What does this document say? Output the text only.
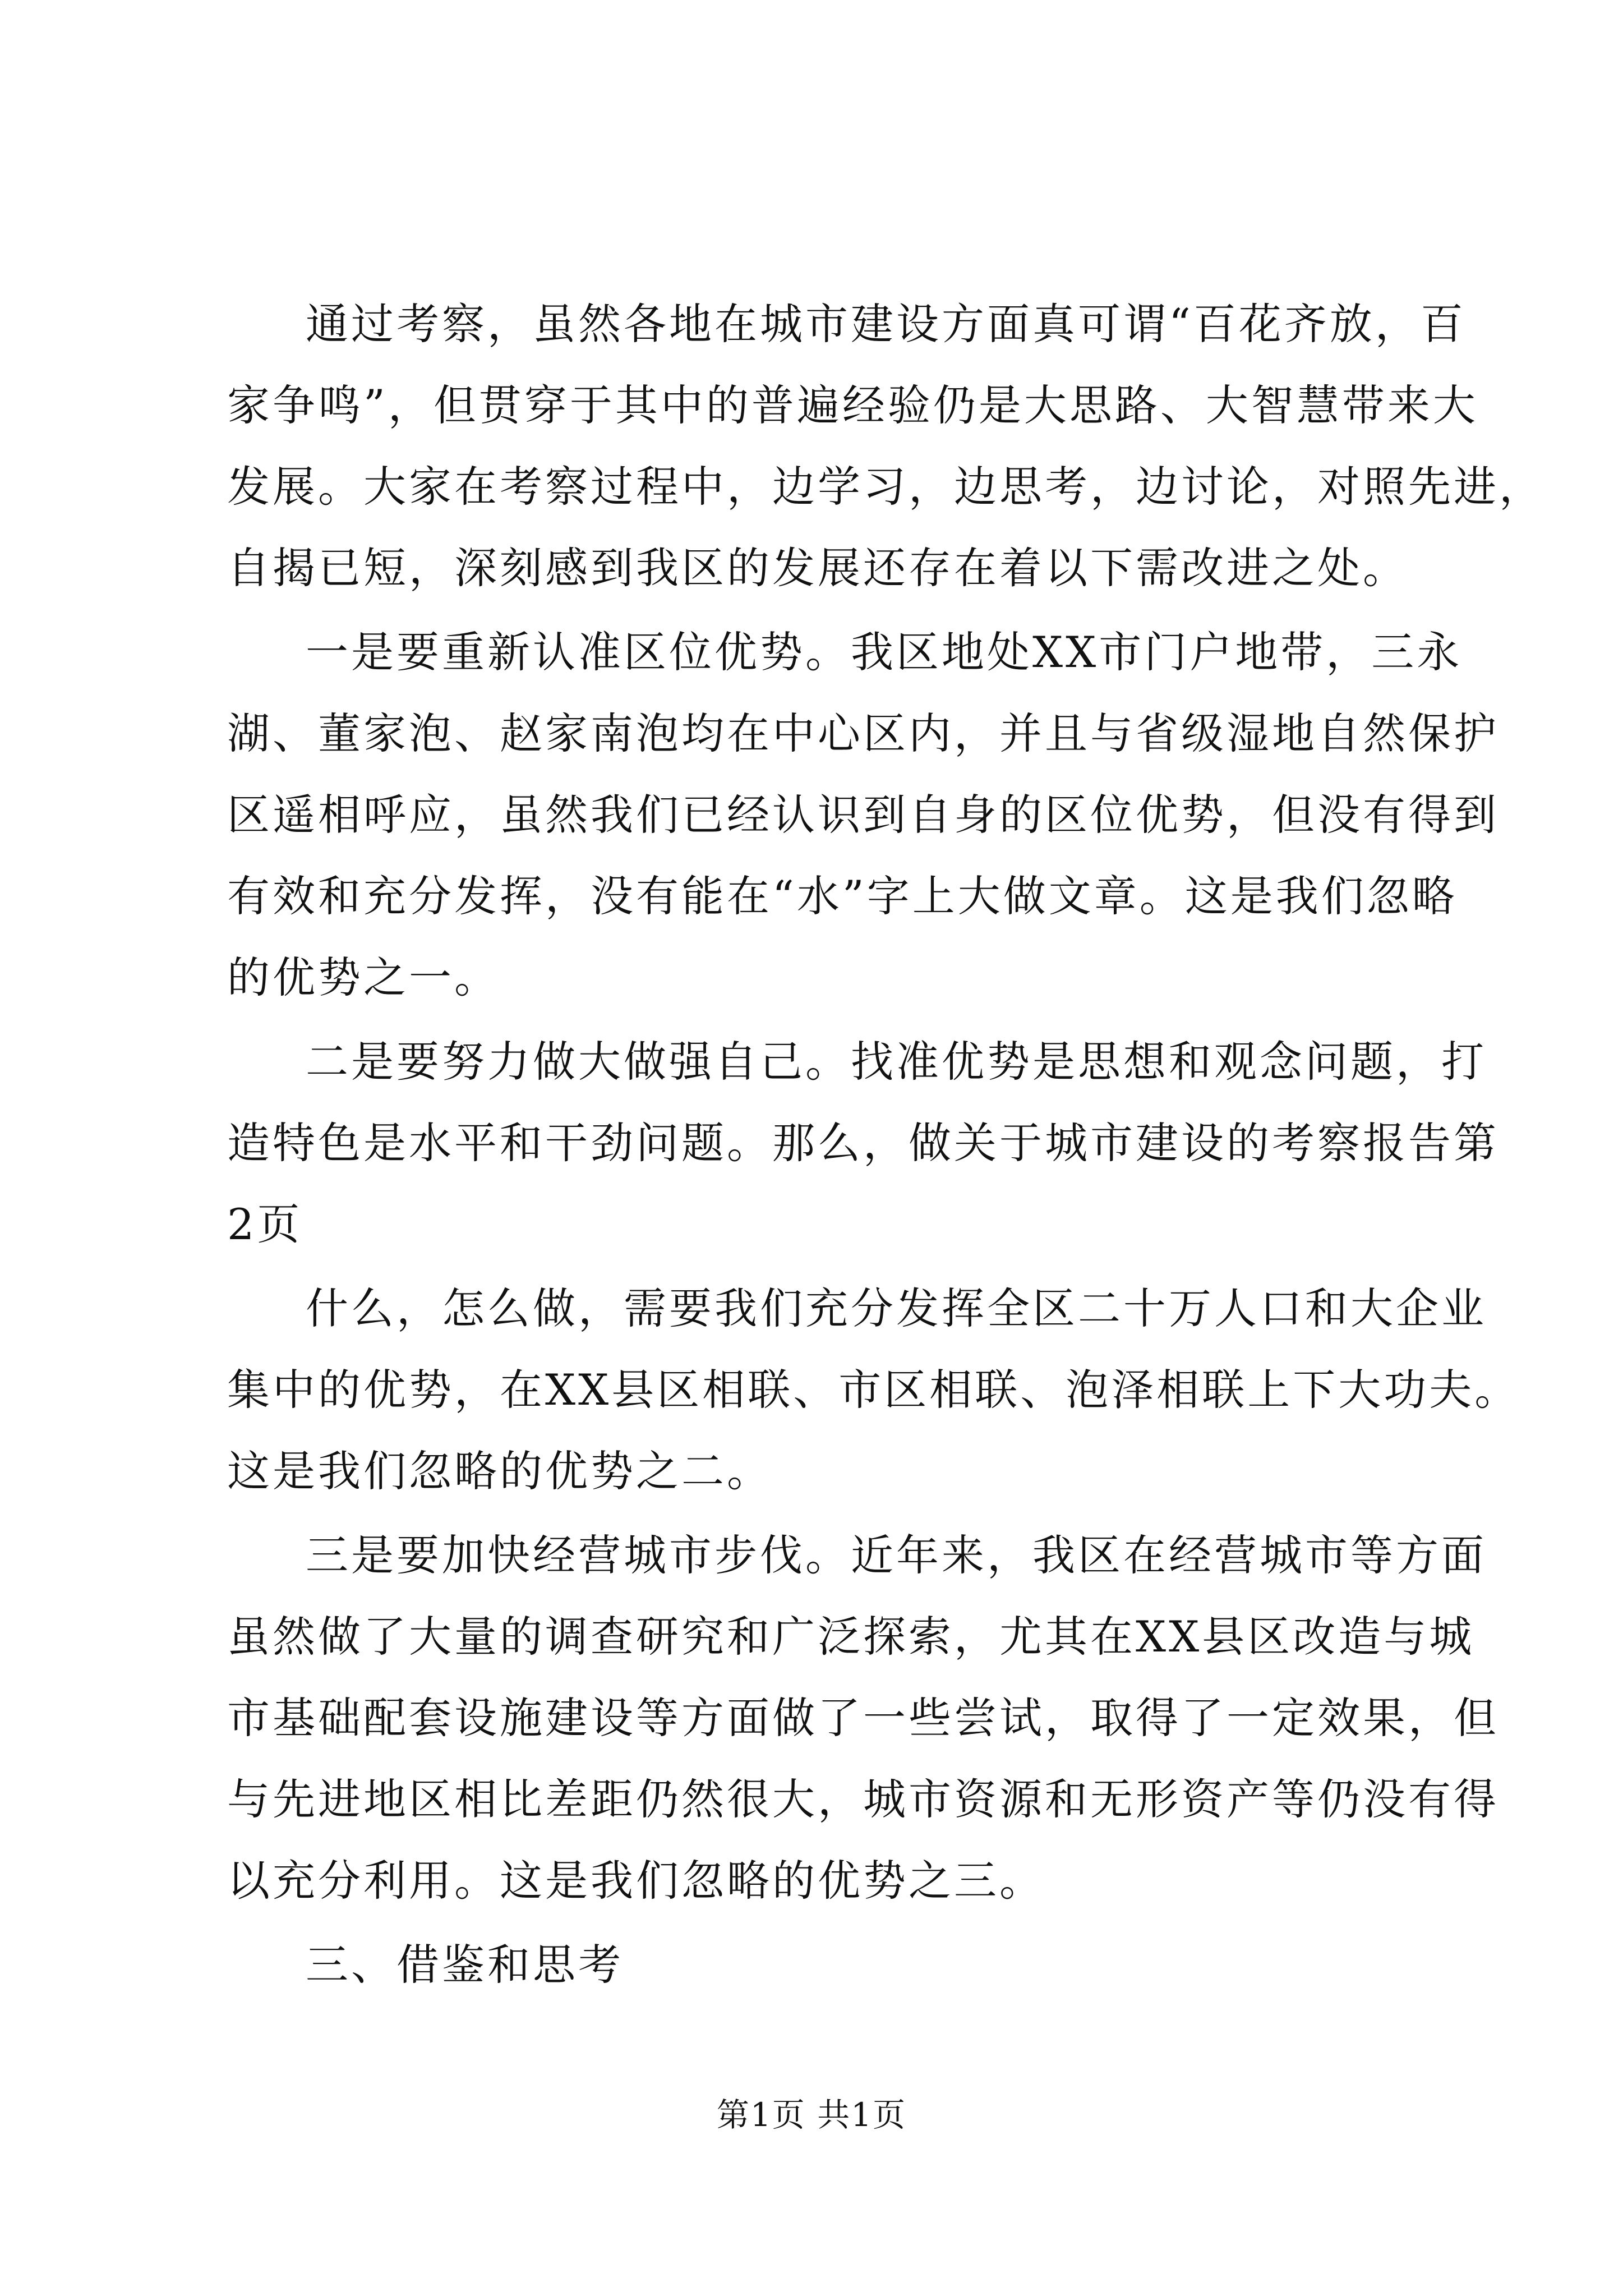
通过考察，虽然各地在城市建设方面真可谓“百花齐放，百
家争鸣”，但贯穿于其中的普遍经验仍是大思路、大智慧带来大
发展。大家在考察过程中，边学习，边思考，边讨论，对照先进，
自揭已短，深刻感到我区的发展还存在着以下需改进之处。
一是要重新认准区位优势。我区地处XX市门户地带，三永
湖、董家泡、赵家南泡均在中心区内，并且与省级湿地自然保护
区遥相呼应，虽然我们已经认识到自身的区位优势，但没有得到
有效和充分发挥，没有能在“水”字上大做文章。这是我们忽略
的优势之一。
二是要努力做大做强自己。找准优势是思想和观念问题，打
造特色是水平和干劲问题。那么，做关于城市建设的考察报告第
2页
什么，怎么做，需要我们充分发挥全区二十万人口和大企业
集中的优势，在XX县区相联、市区相联、泡泽相联上下大功夫。
这是我们忽略的优势之二。
三是要加快经营城市步伐。近年来，我区在经营城市等方面
虽然做了大量的调查研究和广泛探索，尤其在XX县区改造与城
市基础配套设施建设等方面做了一些尝试，取得了一定效果，但
与先进地区相比差距仍然很大，城市资源和无形资产等仍没有得
以充分利用。这是我们忽略的优势之三。
三、借鉴和思考
第1页 共1页
